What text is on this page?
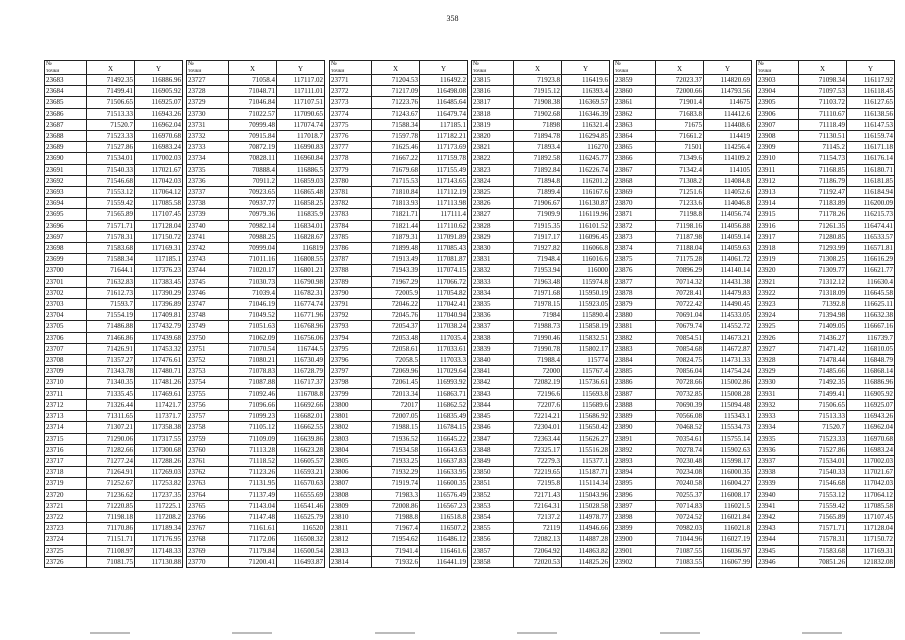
358
№
точки	X	Y
23683	71492.35	116886.96
23684	71499.41	116905.92
23685	71506.65	116925.07
23686	71513.33	116943.26
23687	71520.7	116962.04
23688	71523.33	116970.68
23689	71527.86	116983.24
23690	71534.01	117002.03
23691	71540.33	117021.67
23692	71546.68	117042.03
23693	71553.12	117064.12
23694	71559.42	117085.58
23695	71565.89	117107.45
23696	71571.71	117128.04
23697	71578.31	117150.72
23698	71583.68	117169.31
23699	71588.34	117185.1
23700	71644.1	117376.23
23701	71632.83	117383.45
23702	71612.73	117390.29
23703	71593.7	117396.89
23704	71554.19	117409.81
23705	71486.88	117432.79
23706	71466.86	117439.68
23707	71426.91	117453.32
23708	71357.27	117476.61
23709	71343.78	117480.71
23710	71340.35	117481.26
23711	71335.45	117469.61
23712	71326.44	117421.7
23713	71311.65	117371.7
23714	71307.21	117358.38
23715	71290.06	117317.55
23716	71282.66	117300.68
23717	71277.24	117288.26
23718	71264.91	117269.03
23719	71252.67	117253.82
23720	71236.62	117237.35
23721	71220.85	117225.1
23722	71198.18	117208.2
23723	71170.86	117189.34
23724	71151.71	117176.95
23725	71108.97	117148.33
23726	71081.75	117130.88
№
точки	X	Y
23727	71058.4	117117.02
23728	71048.71	117111.01
23729	71046.84	117107.51
23730	71022.57	117090.65
23731	70999.48	117074.74
23732	70915.84	117018.7
23733	70872.19	116990.83
23734	70828.11	116960.84
23735	70888.4	116886.5
23736	70911.2	116859.03
23737	70923.65	116865.48
23738	70937.77	116858.25
23739	70979.36	116835.9
23740	70982.14	116834.01
23741	70988.25	116828.67
23742	70999.04	116819
23743	71011.16	116808.55
23744	71020.17	116801.21
23745	71030.73	116790.98
23746	71039.4	116782.31
23747	71046.19	116774.74
23748	71049.52	116771.96
23749	71051.63	116768.96
23750	71062.09	116756.06
23751	71070.54	116744.5
23752	71080.21	116730.49
23753	71078.83	116728.79
23754	71087.88	116717.37
23755	71092.46	116708.8
23756	71096.66	116692.66
23757	71099.23	116682.01
23758	71105.12	116662.55
23759	71109.09	116639.86
23760	71113.28	116623.28
23761	71118.52	116605.57
23762	71123.26	116593.21
23763	71131.95	116570.63
23764	71137.49	116555.69
23765	71143.04	116541.46
23766	71147.48	116525.79
23767	71161.61	116520
23768	71172.06	116508.32
23769	71179.84	116500.54
23770	71200.41	116493.87
№
точки	X	Y
23771	71204.53	116492.2
23772	71217.09	116498.08
23773	71223.76	116485.64
23774	71243.67	116479.74
23775	71588.34	117185.1
23776	71597.78	117182.21
23777	71625.46	117173.69
23778	71667.22	117159.78
23779	71679.68	117155.49
23780	71715.53	117143.65
23781	71810.84	117112.19
23782	71813.93	117113.98
23783	71821.71	117111.4
23784	71821.44	117110.62
23785	71879.31	117091.89
23786	71899.48	117085.43
23787	71913.49	117081.87
23788	71943.39	117074.15
23789	71967.29	117066.72
23790	72005.9	117054.82
23791	72046.22	117042.41
23792	72045.76	117040.94
23793	72054.37	117038.24
23794	72053.48	117035.4
23795	72058.61	117033.61
23796	72058.5	117033.3
23797	72069.96	117029.64
23798	72061.45	116993.92
23799	72013.34	116863.71
23800	72017	116862.52
23801	72007.05	116835.49
23802	71988.15	116784.15
23803	71936.52	116645.22
23804	71934.58	116643.63
23805	71933.25	116637.83
23806	71932.29	116633.95
23807	71919.74	116600.35
23808	71983.3	116576.49
23809	72008.86	116567.23
23810	71988.8	116518.8
23811	71967.4	116507.2
23812	71954.62	116486.12
23813	71941.4	116461.6
23814	71932.6	116441.19
№
точки	X	Y
23815	71923.8	116419.6
23816	71915.12	116393.4
23817	71908.38	116369.57
23818	71902.68	116346.39
23819	71898	116321.4
23820	71894.78	116294.85
23821	71893.4	116270
23822	71892.58	116245.77
23823	71892.84	116226.74
23824	71894.8	116201.2
23825	71899.4	116167.6
23826	71906.67	116130.87
23827	71909.9	116119.96
23828	71915.35	116101.52
23829	71917.17	116096.45
23830	71927.82	116066.8
23831	71948.4	116016.6
23832	71953.94	116000
23833	71963.48	115974.8
23834	71971.68	115950.19
23835	71978.15	115923.05
23836	71984	115890.4
23837	71988.73	115858.19
23838	71990.46	115832.51
23839	71990.78	115802.17
23840	71988.4	115774
23841	72000	115767.4
23842	72082.19	115736.61
23843	72196.6	115693.8
23844	72207.6	115689.6
23845	72214.21	115686.92
23846	72304.01	115650.42
23847	72363.44	115626.27
23848	72325.17	115516.28
23849	72279.3	115377.1
23850	72219.65	115187.71
23851	72195.8	115114.34
23852	72171.43	115043.96
23853	72164.31	115028.58
23854	72137.2	114978.77
23855	72119	114946.66
23856	72082.13	114887.28
23857	72064.92	114863.82
23858	72020.53	114825.26
№
точки	X	Y
23859	72023.37	114820.69
23860	72000.66	114793.56
23861	71901.4	114675
23862	71683.8	114412.6
23863	71675	114408.6
23864	71661.2	114419
23865	71501	114256.4
23866	71349.6	114109.2
23867	71342.4	114105
23868	71308.2	114084.8
23869	71251.6	114052.6
23870	71233.6	114046.8
23871	71198.8	114056.74
23872	71198.16	114056.88
23873	71187.98	114059.14
23874	71188.04	114059.63
23875	71175.28	114061.72
23876	70896.29	114140.14
23877	70714.32	114431.38
23878	70728.41	114479.83
23879	70722.42	114490.45
23880	70691.04	114533.05
23881	70679.74	114552.72
23882	70854.51	114673.21
23883	70854.68	114672.87
23884	70824.75	114731.33
23885	70856.04	114754.24
23886	70728.66	115002.86
23887	70732.85	115008.28
23888	70690.39	115094.48
23889	70566.08	115343.1
23890	70468.52	115534.73
23891	70354.61	115755.14
23892	70278.74	115902.63
23893	70230.48	115998.17
23894	70234.08	116000.35
23895	70240.58	116004.27
23896	70255.37	116008.17
23897	70714.83	116021.5
23898	70724.52	116021.84
23899	70982.03	116021.8
23900	71044.96	116027.19
23901	71087.55	116036.97
23902	71083.55	116067.99
№
точки	X	Y
23903	71098.34	116117.92
23904	71097.53	116118.45
23905	71103.72	116127.65
23906	71110.67	116138.56
23907	71118.49	116147.53
23908	71130.51	116159.74
23909	71145.2	116171.18
23910	71154.73	116176.14
23911	71168.85	116180.71
23912	71186.79	116181.85
23913	71192.47	116184.94
23914	71183.89	116200.09
23915	71178.26	116215.73
23916	71261.35	116474.41
23917	71280.85	116533.57
23918	71293.99	116571.81
23919	71308.25	116616.29
23920	71309.77	116621.77
23921	71312.12	116630.4
23922	71318.09	116645.58
23923	71392.8	116625.11
23924	71394.98	116632.38
23925	71409.05	116667.16
23926	71436.27	116739.7
23927	71471.42	116810.05
23928	71478.44	116848.79
23929	71485.66	116868.14
23930	71492.35	116886.96
23931	71499.41	116905.92
23932	71506.65	116925.07
23933	71513.33	116943.26
23934	71520.7	116962.04
23935	71523.33	116970.68
23936	71527.86	116983.24
23937	71534.01	117002.03
23938	71540.33	117021.67
23939	71546.68	117042.03
23940	71553.12	117064.12
23941	71559.42	117085.58
23942	71565.89	117107.45
23943	71571.71	117128.04
23944	71578.31	117150.72
23945	71583.68	117169.31
23946	70851.26	121832.08
